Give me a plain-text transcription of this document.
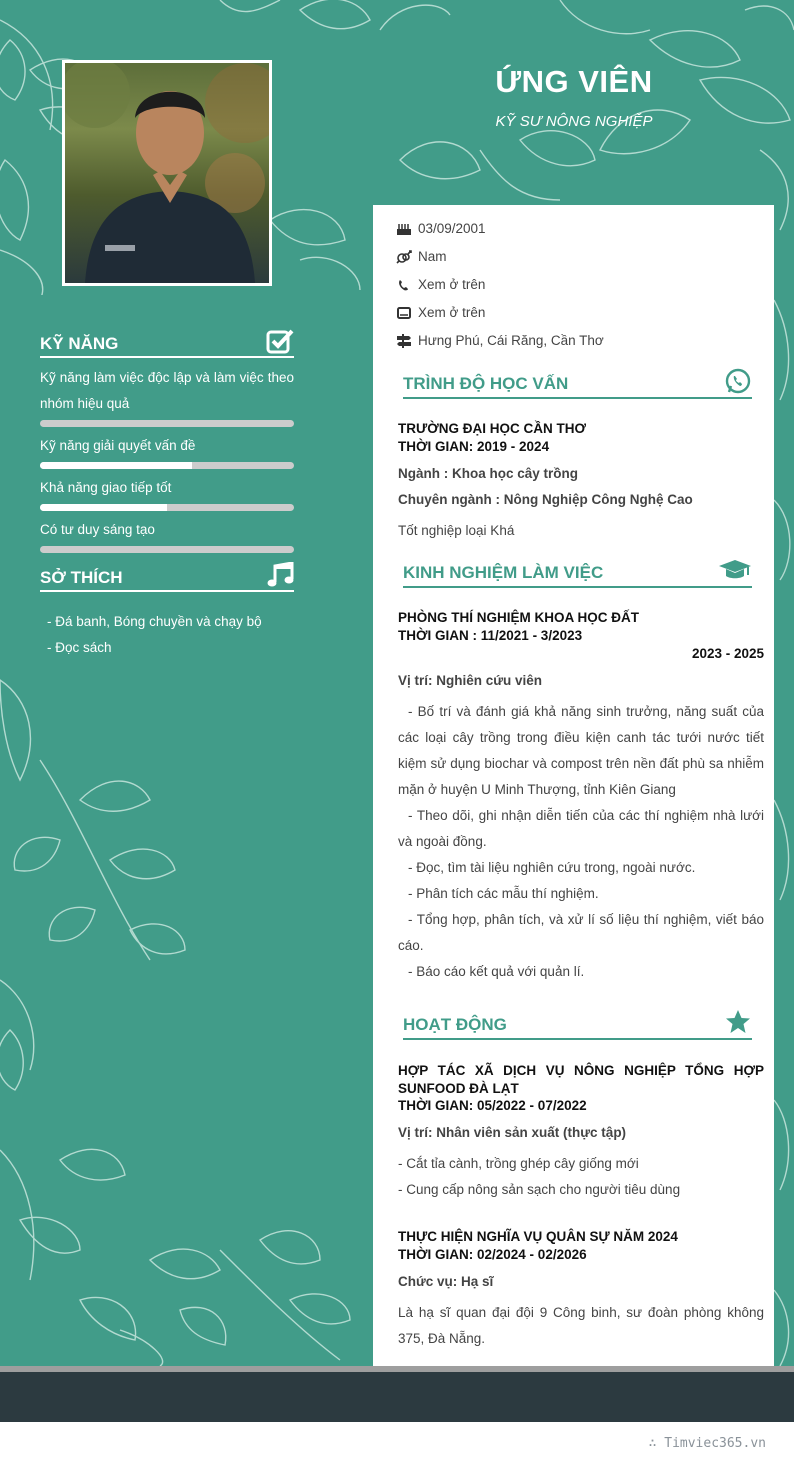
ỨNG VIÊN
KỸ SƯ NÔNG NGHIỆP
KỸ NĂNG
Kỹ năng làm việc độc lập và làm việc theo nhóm hiệu quả
Kỹ năng giải quyết vấn đề
Khả năng giao tiếp tốt
Có tư duy sáng tạo
SỞ THÍCH
- Đá banh, Bóng chuyền và chạy bộ
- Đọc sách
03/09/2001
Nam
Xem ở trên
Xem ở trên
Hưng Phú, Cái Răng, Cần Thơ
TRÌNH ĐỘ HỌC VẤN
TRƯỜNG ĐẠI HỌC CẦN THƠ
THỜI GIAN: 2019 - 2024
Ngành : Khoa học cây trồng
Chuyên ngành : Nông Nghiệp Công Nghệ Cao
Tốt nghiệp loại Khá
KINH NGHIỆM LÀM VIỆC
PHÒNG THÍ NGHIỆM KHOA HỌC ĐẤT
THỜI GIAN : 11/2021 - 3/2023
2023 - 2025
Vị trí: Nghiên cứu viên
- Bố trí và đánh giá khả năng sinh trưởng, năng suất của các loại cây trồng trong điều kiện canh tác tưới nước tiết kiệm sử dụng biochar và compost trên nền đất phù sa nhiễm mặn ở huyện U Minh Thượng, tỉnh Kiên Giang
- Theo dõi, ghi nhận diễn tiến của các thí nghiệm nhà lưới và ngoài đồng.
- Đọc, tìm tài liệu nghiên cứu trong, ngoài nước.
- Phân tích các mẫu thí nghiệm.
- Tổng hợp, phân tích, và xử lí số liệu thí nghiệm, viết báo cáo.
- Báo cáo kết quả với quản lí.
HOẠT ĐỘNG
HỢP TÁC XÃ DỊCH VỤ NÔNG NGHIỆP TỔNG HỢP SUNFOOD ĐÀ LẠT
THỜI GIAN: 05/2022 - 07/2022
Vị trí: Nhân viên sản xuất (thực tập)
- Cắt tỉa cành, trồng ghép cây giống mới
- Cung cấp nông sản sạch cho người tiêu dùng
THỰC HIỆN NGHĨA VỤ QUÂN SỰ NĂM 2024
THỜI GIAN: 02/2024 - 02/2026
Chức vụ: Hạ sĩ
Là hạ sĩ quan đại đội 9 Công binh, sư đoàn phòng không 375, Đà Nẵng.
∴ Timviec365.vn
